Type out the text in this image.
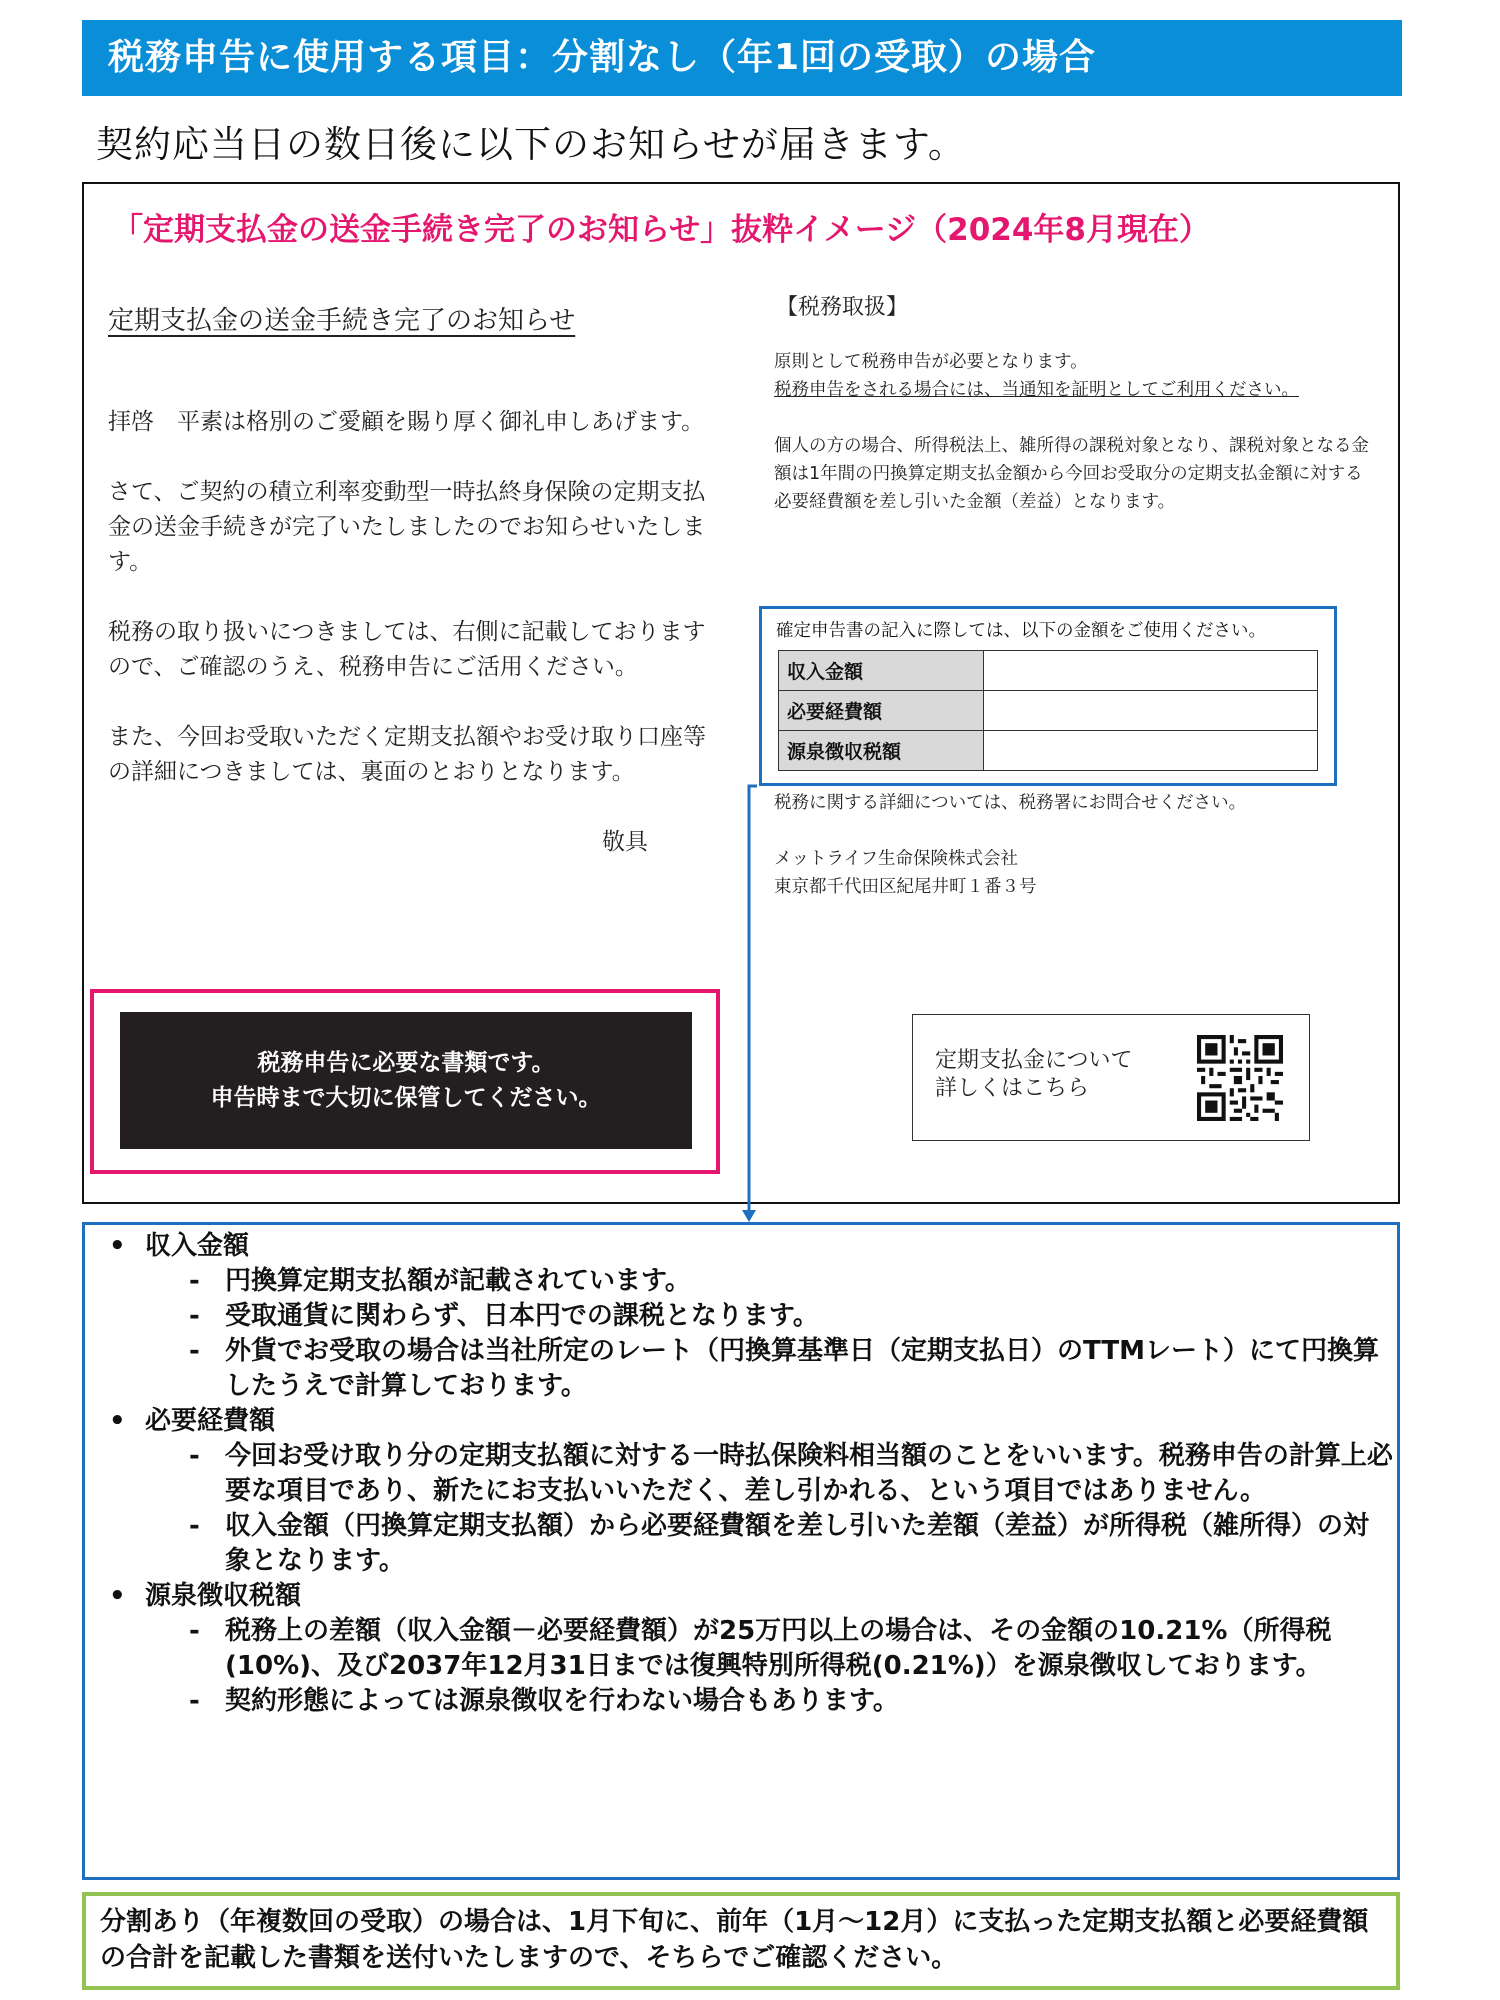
税務申告に使用する項目：分割なし（年1回の受取）の場合
契約応当日の数日後に以下のお知らせが届きます。
「定期支払金の送金手続き完了のお知らせ」抜粋イメージ（2024年8月現在）
定期支払金の送金手続き完了のお知らせ

拝啓　平素は格別のご愛顧を賜り厚く御礼申しあげます。

さて、ご契約の積立利率変動型一時払終身保険の定期支払金の送金手続きが完了いたしましたのでお知らせいたします。

税務の取り扱いにつきましては、右側に記載しておりますので、ご確認のうえ、税務申告にご活用ください。

また、今回お受取いただく定期支払額やお受け取り口座等の詳細につきましては、裏面のとおりとなります。

敬具
税務申告に必要な書類です。
申告時まで大切に保管してください。
【税務取扱】

原則として税務申告が必要となります。
税務申告をされる場合には、当通知を証明としてご利用ください。

個人の方の場合、所得税法上、雑所得の課税対象となり、課税対象となる金額は1年間の円換算定期支払金額から今回お受取分の定期支払金額に対する必要経費額を差し引いた金額（差益）となります。

確定申告書の記入に際しては、以下の金額をご使用ください。
収入金額	
必要経費額	
源泉徴収税額	
税務に関する詳細については、税務署にお問合せください。
メットライフ生命保険株式会社
東京都千代田区紀尾井町１番３号
定期支払金について
詳しくはこちら
• 収入金額
- 円換算定期支払額が記載されています。
- 受取通貨に関わらず、日本円での課税となります。
- 外貨でお受取の場合は当社所定のレート（円換算基準日（定期支払日）のTTMレート）にて円換算したうえで計算しております。
• 必要経費額
- 今回お受け取り分の定期支払額に対する一時払保険料相当額のことをいいます。税務申告の計算上必要な項目であり、新たにお支払いいただく、差し引かれる、という項目ではありません。
- 収入金額（円換算定期支払額）から必要経費額を差し引いた差額（差益）が所得税（雑所得）の対象となります。
• 源泉徴収税額
- 税務上の差額（収入金額－必要経費額）が25万円以上の場合は、その金額の10.21%（所得税(10%)、及び2037年12月31日までは復興特別所得税(0.21%)）を源泉徴収しております。
- 契約形態によっては源泉徴収を行わない場合もあります。
分割あり（年複数回の受取）の場合は、1月下旬に、前年（1月～12月）に支払った定期支払額と必要経費額の合計を記載した書類を送付いたしますので、そちらでご確認ください。
